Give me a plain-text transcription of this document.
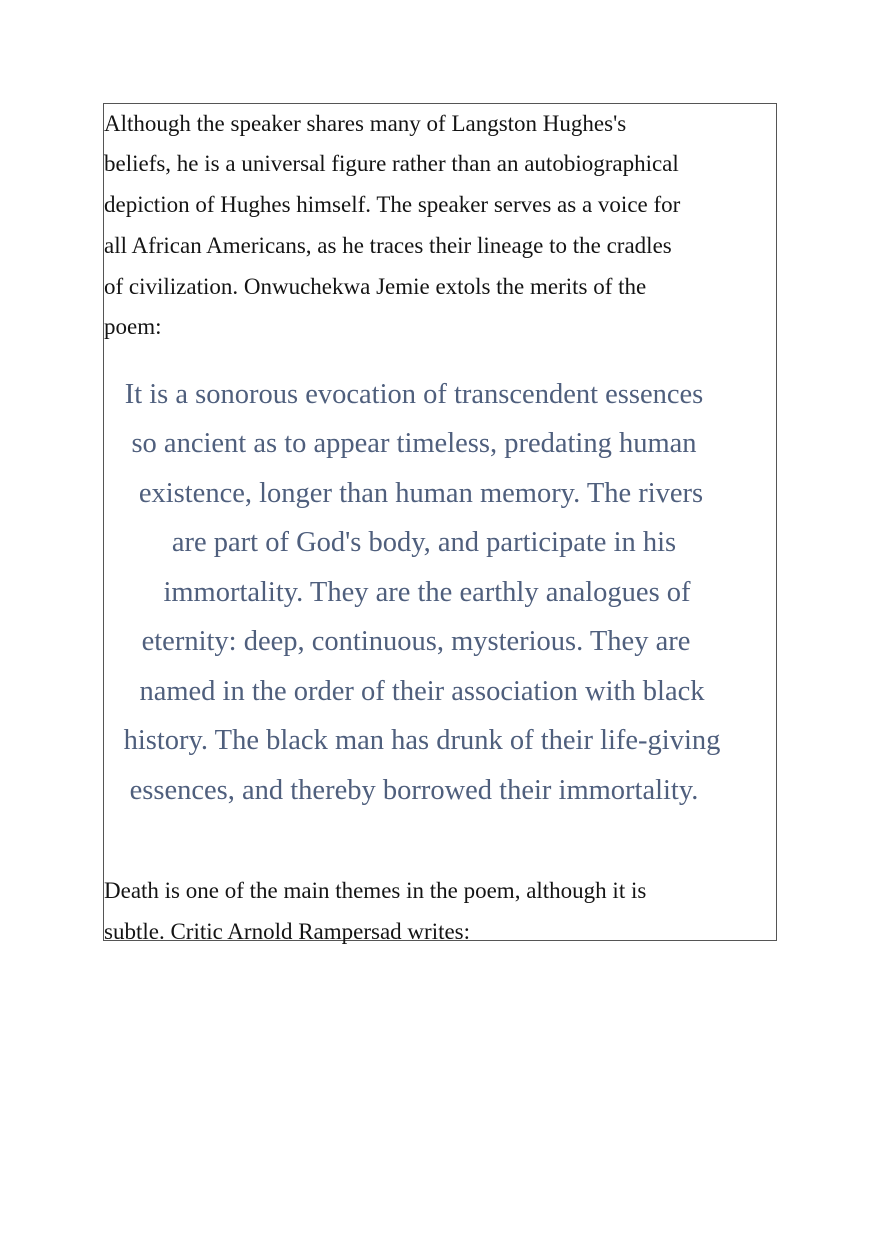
Although the speaker shares many of Langston Hughes's
beliefs, he is a universal figure rather than an autobiographical
depiction of Hughes himself. The speaker serves as a voice for
all African Americans, as he traces their lineage to the cradles
of civilization. Onwuchekwa Jemie extols the merits of the
poem:
It is a sonorous evocation of transcendent essences
so ancient as to appear timeless, predating human
existence, longer than human memory. The rivers
are part of God's body, and participate in his
immortality. They are the earthly analogues of
eternity: deep, continuous, mysterious. They are
named in the order of their association with black
history. The black man has drunk of their life-giving
essences, and thereby borrowed their immortality.
Death is one of the main themes in the poem, although it is
subtle. Critic Arnold Rampersad writes:
